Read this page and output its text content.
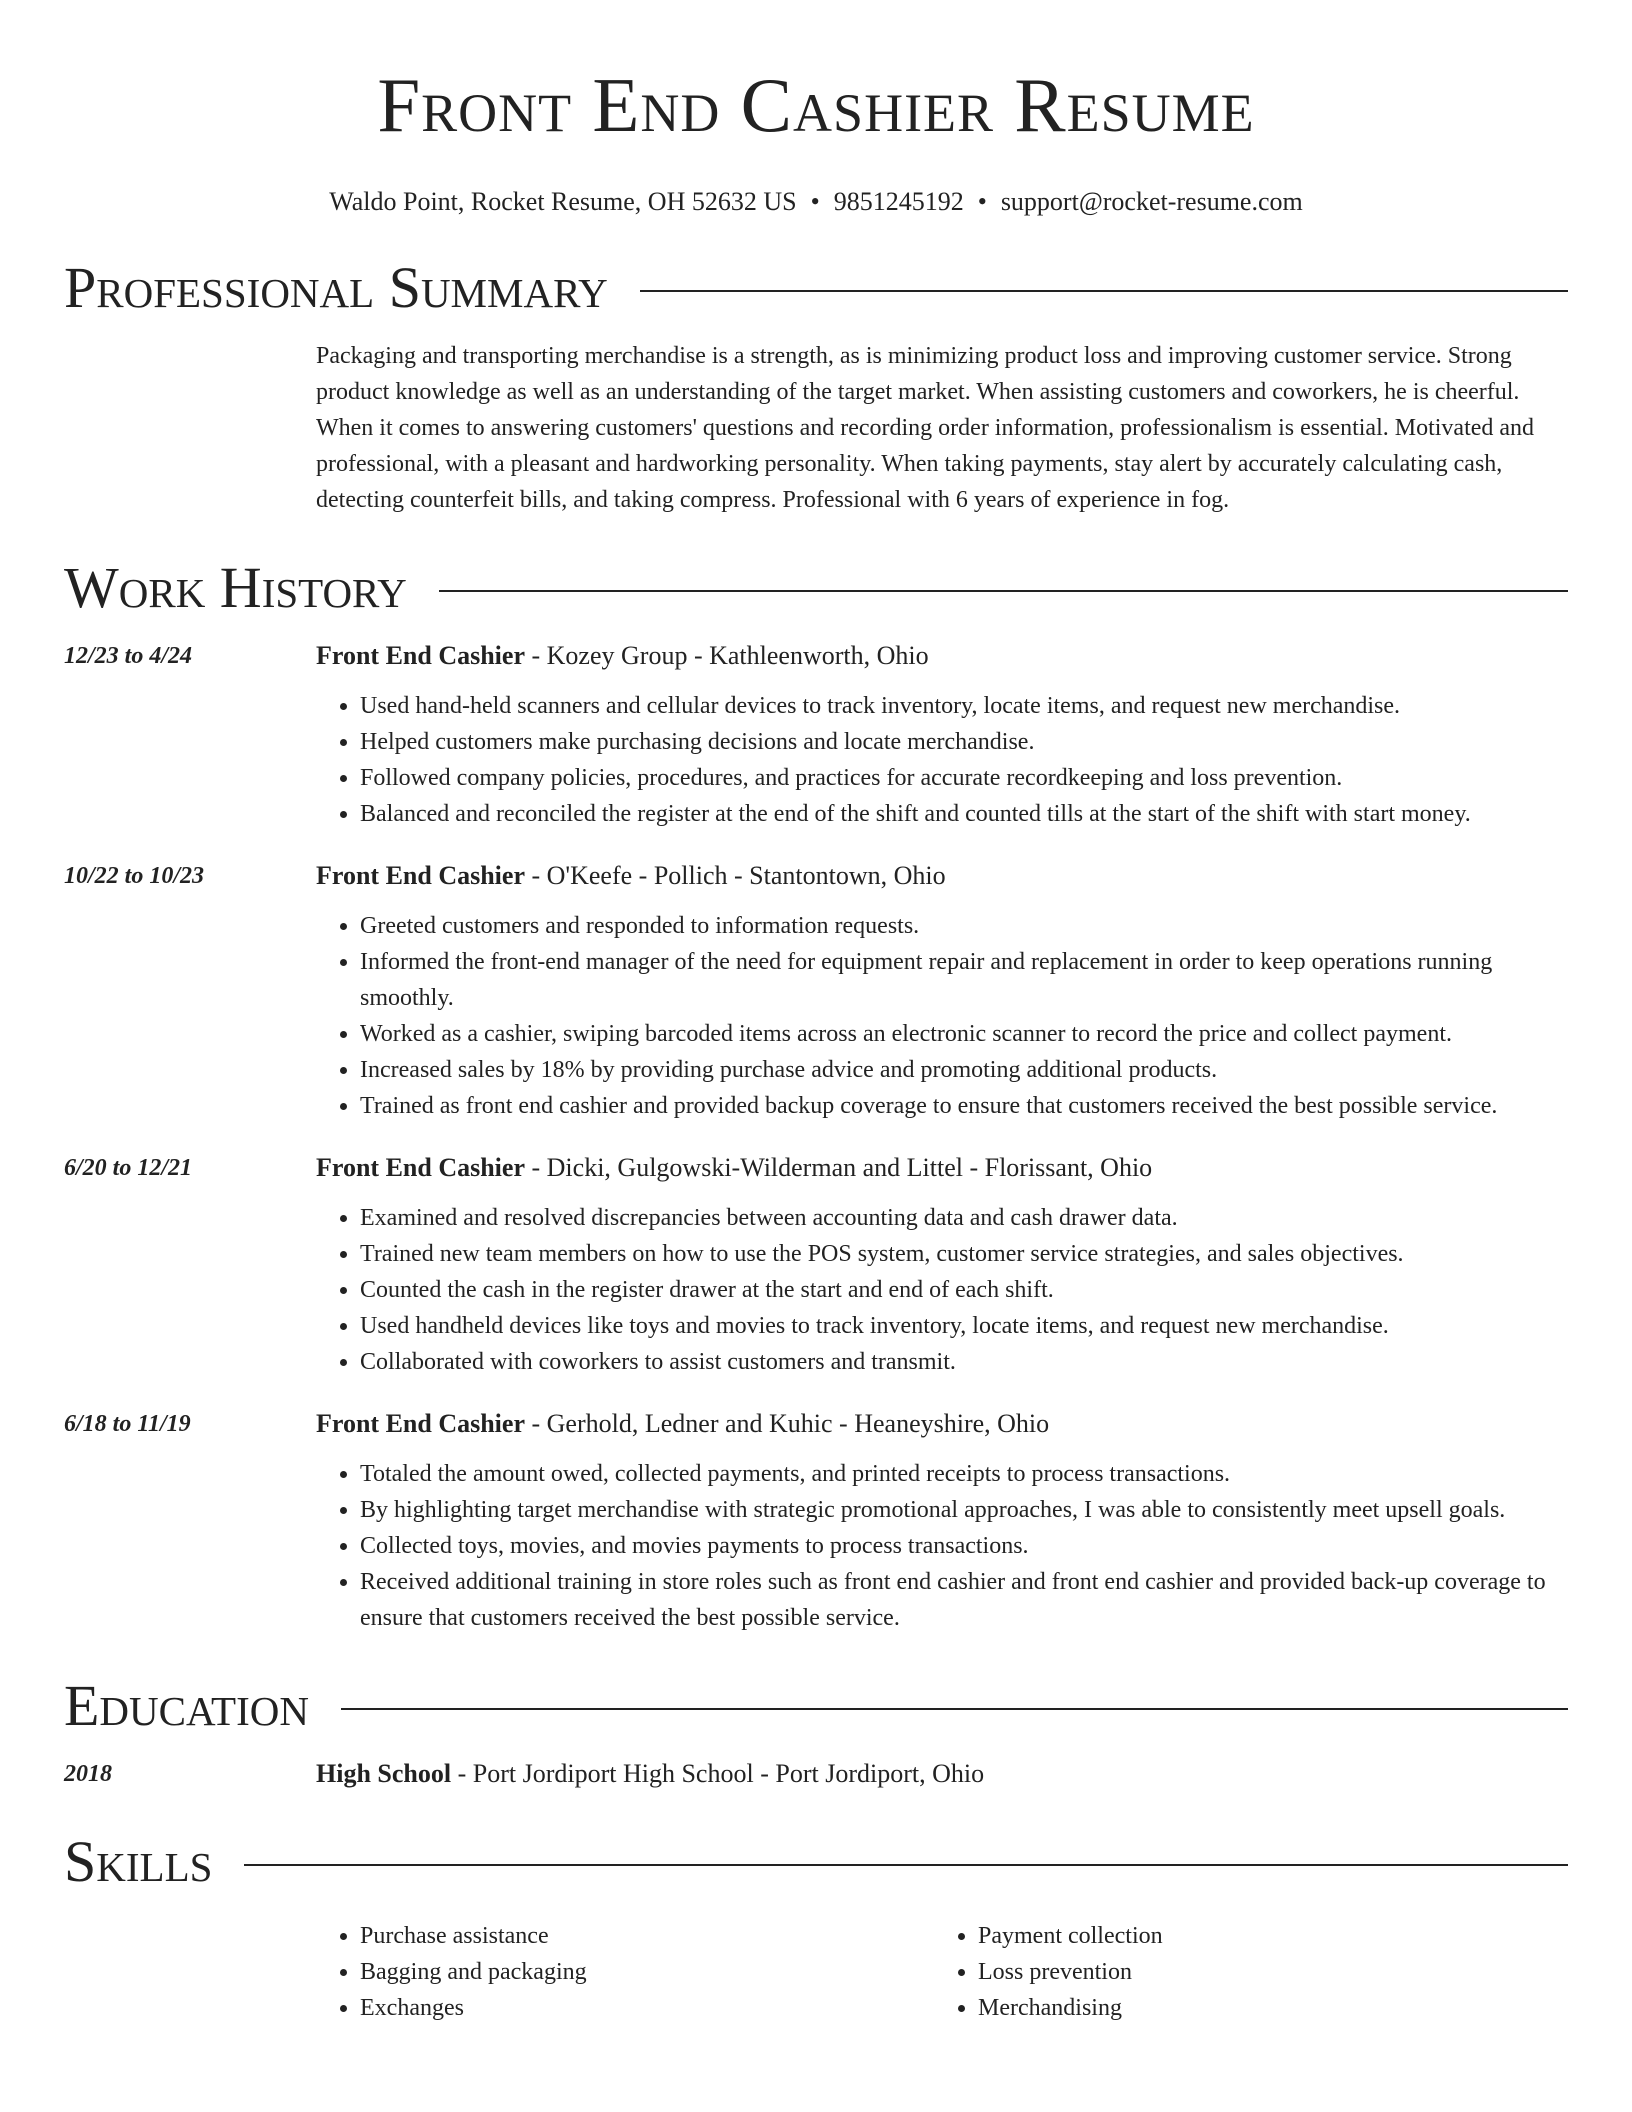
Front End Cashier Resume
Waldo Point, Rocket Resume, OH 52632 US • 9851245192 • support@rocket-resume.com
Professional Summary
Packaging and transporting merchandise is a strength, as is minimizing product loss and improving customer service. Strong product knowledge as well as an understanding of the target market. When assisting customers and coworkers, he is cheerful. When it comes to answering customers' questions and recording order information, professionalism is essential. Motivated and professional, with a pleasant and hardworking personality. When taking payments, stay alert by accurately calculating cash, detecting counterfeit bills, and taking compress. Professional with 6 years of experience in fog.
Work History
12/23 to 4/24	Front End Cashier - Kozey Group - Kathleenworth, Ohio
• Used hand-held scanners and cellular devices to track inventory, locate items, and request new merchandise.
• Helped customers make purchasing decisions and locate merchandise.
• Followed company policies, procedures, and practices for accurate recordkeeping and loss prevention.
• Balanced and reconciled the register at the end of the shift and counted tills at the start of the shift with start money.
10/22 to 10/23	Front End Cashier - O'Keefe - Pollich - Stantontown, Ohio
• Greeted customers and responded to information requests.
• Informed the front-end manager of the need for equipment repair and replacement in order to keep operations running smoothly.
• Worked as a cashier, swiping barcoded items across an electronic scanner to record the price and collect payment.
• Increased sales by 18% by providing purchase advice and promoting additional products.
• Trained as front end cashier and provided backup coverage to ensure that customers received the best possible service.
6/20 to 12/21	Front End Cashier - Dicki, Gulgowski-Wilderman and Littel - Florissant, Ohio
• Examined and resolved discrepancies between accounting data and cash drawer data.
• Trained new team members on how to use the POS system, customer service strategies, and sales objectives.
• Counted the cash in the register drawer at the start and end of each shift.
• Used handheld devices like toys and movies to track inventory, locate items, and request new merchandise.
• Collaborated with coworkers to assist customers and transmit.
6/18 to 11/19	Front End Cashier - Gerhold, Ledner and Kuhic - Heaneyshire, Ohio
• Totaled the amount owed, collected payments, and printed receipts to process transactions.
• By highlighting target merchandise with strategic promotional approaches, I was able to consistently meet upsell goals.
• Collected toys, movies, and movies payments to process transactions.
• Received additional training in store roles such as front end cashier and front end cashier and provided back-up coverage to ensure that customers received the best possible service.
Education
2018	High School - Port Jordiport High School - Port Jordiport, Ohio
Skills
• Purchase assistance
• Bagging and packaging
• Exchanges
• Payment collection
• Loss prevention
• Merchandising
